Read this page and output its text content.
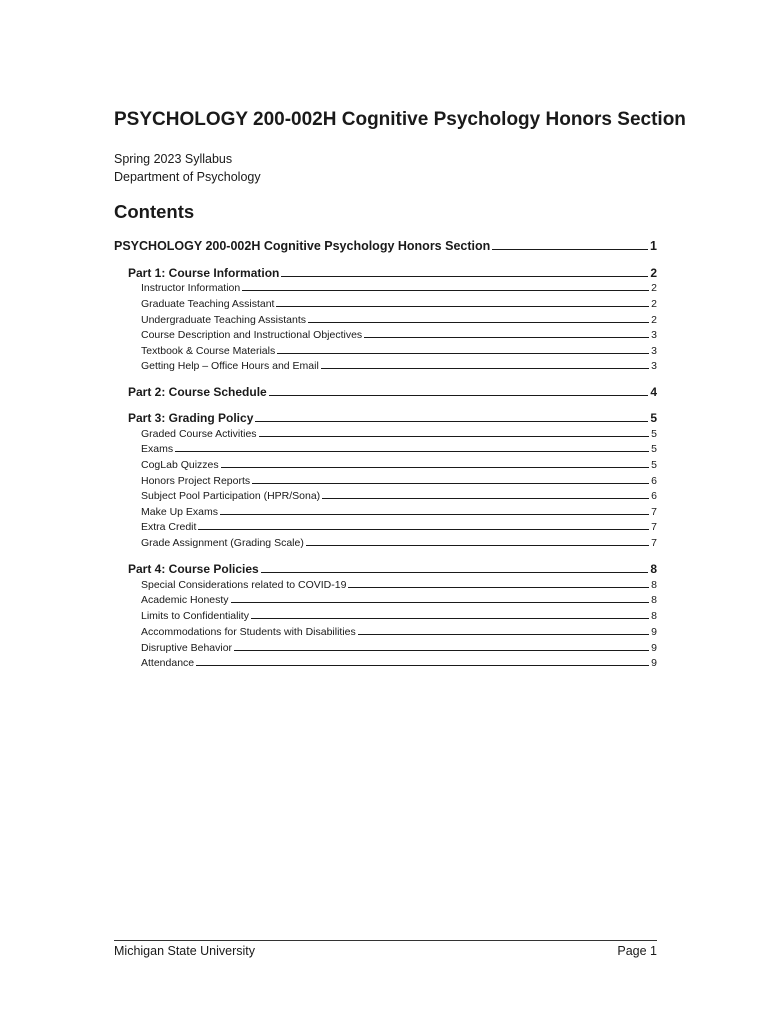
PSYCHOLOGY 200-002H Cognitive Psychology Honors Section
Spring 2023 Syllabus
Department of Psychology
Contents
PSYCHOLOGY 200-002H Cognitive Psychology Honors Section	1
Part 1: Course Information	2
Instructor Information	2
Graduate Teaching Assistant	2
Undergraduate Teaching Assistants	2
Course Description and Instructional Objectives	3
Textbook & Course Materials	3
Getting Help – Office Hours and Email	3
Part 2: Course Schedule	4
Part 3: Grading Policy	5
Graded Course Activities	5
Exams	5
CogLab Quizzes	5
Honors Project Reports	6
Subject Pool Participation (HPR/Sona)	6
Make Up Exams	7
Extra Credit	7
Grade Assignment (Grading Scale)	7
Part 4: Course Policies	8
Special Considerations related to COVID-19	8
Academic Honesty	8
Limits to Confidentiality	8
Accommodations for Students with Disabilities	9
Disruptive Behavior	9
Attendance	9
Michigan State University	Page 1
